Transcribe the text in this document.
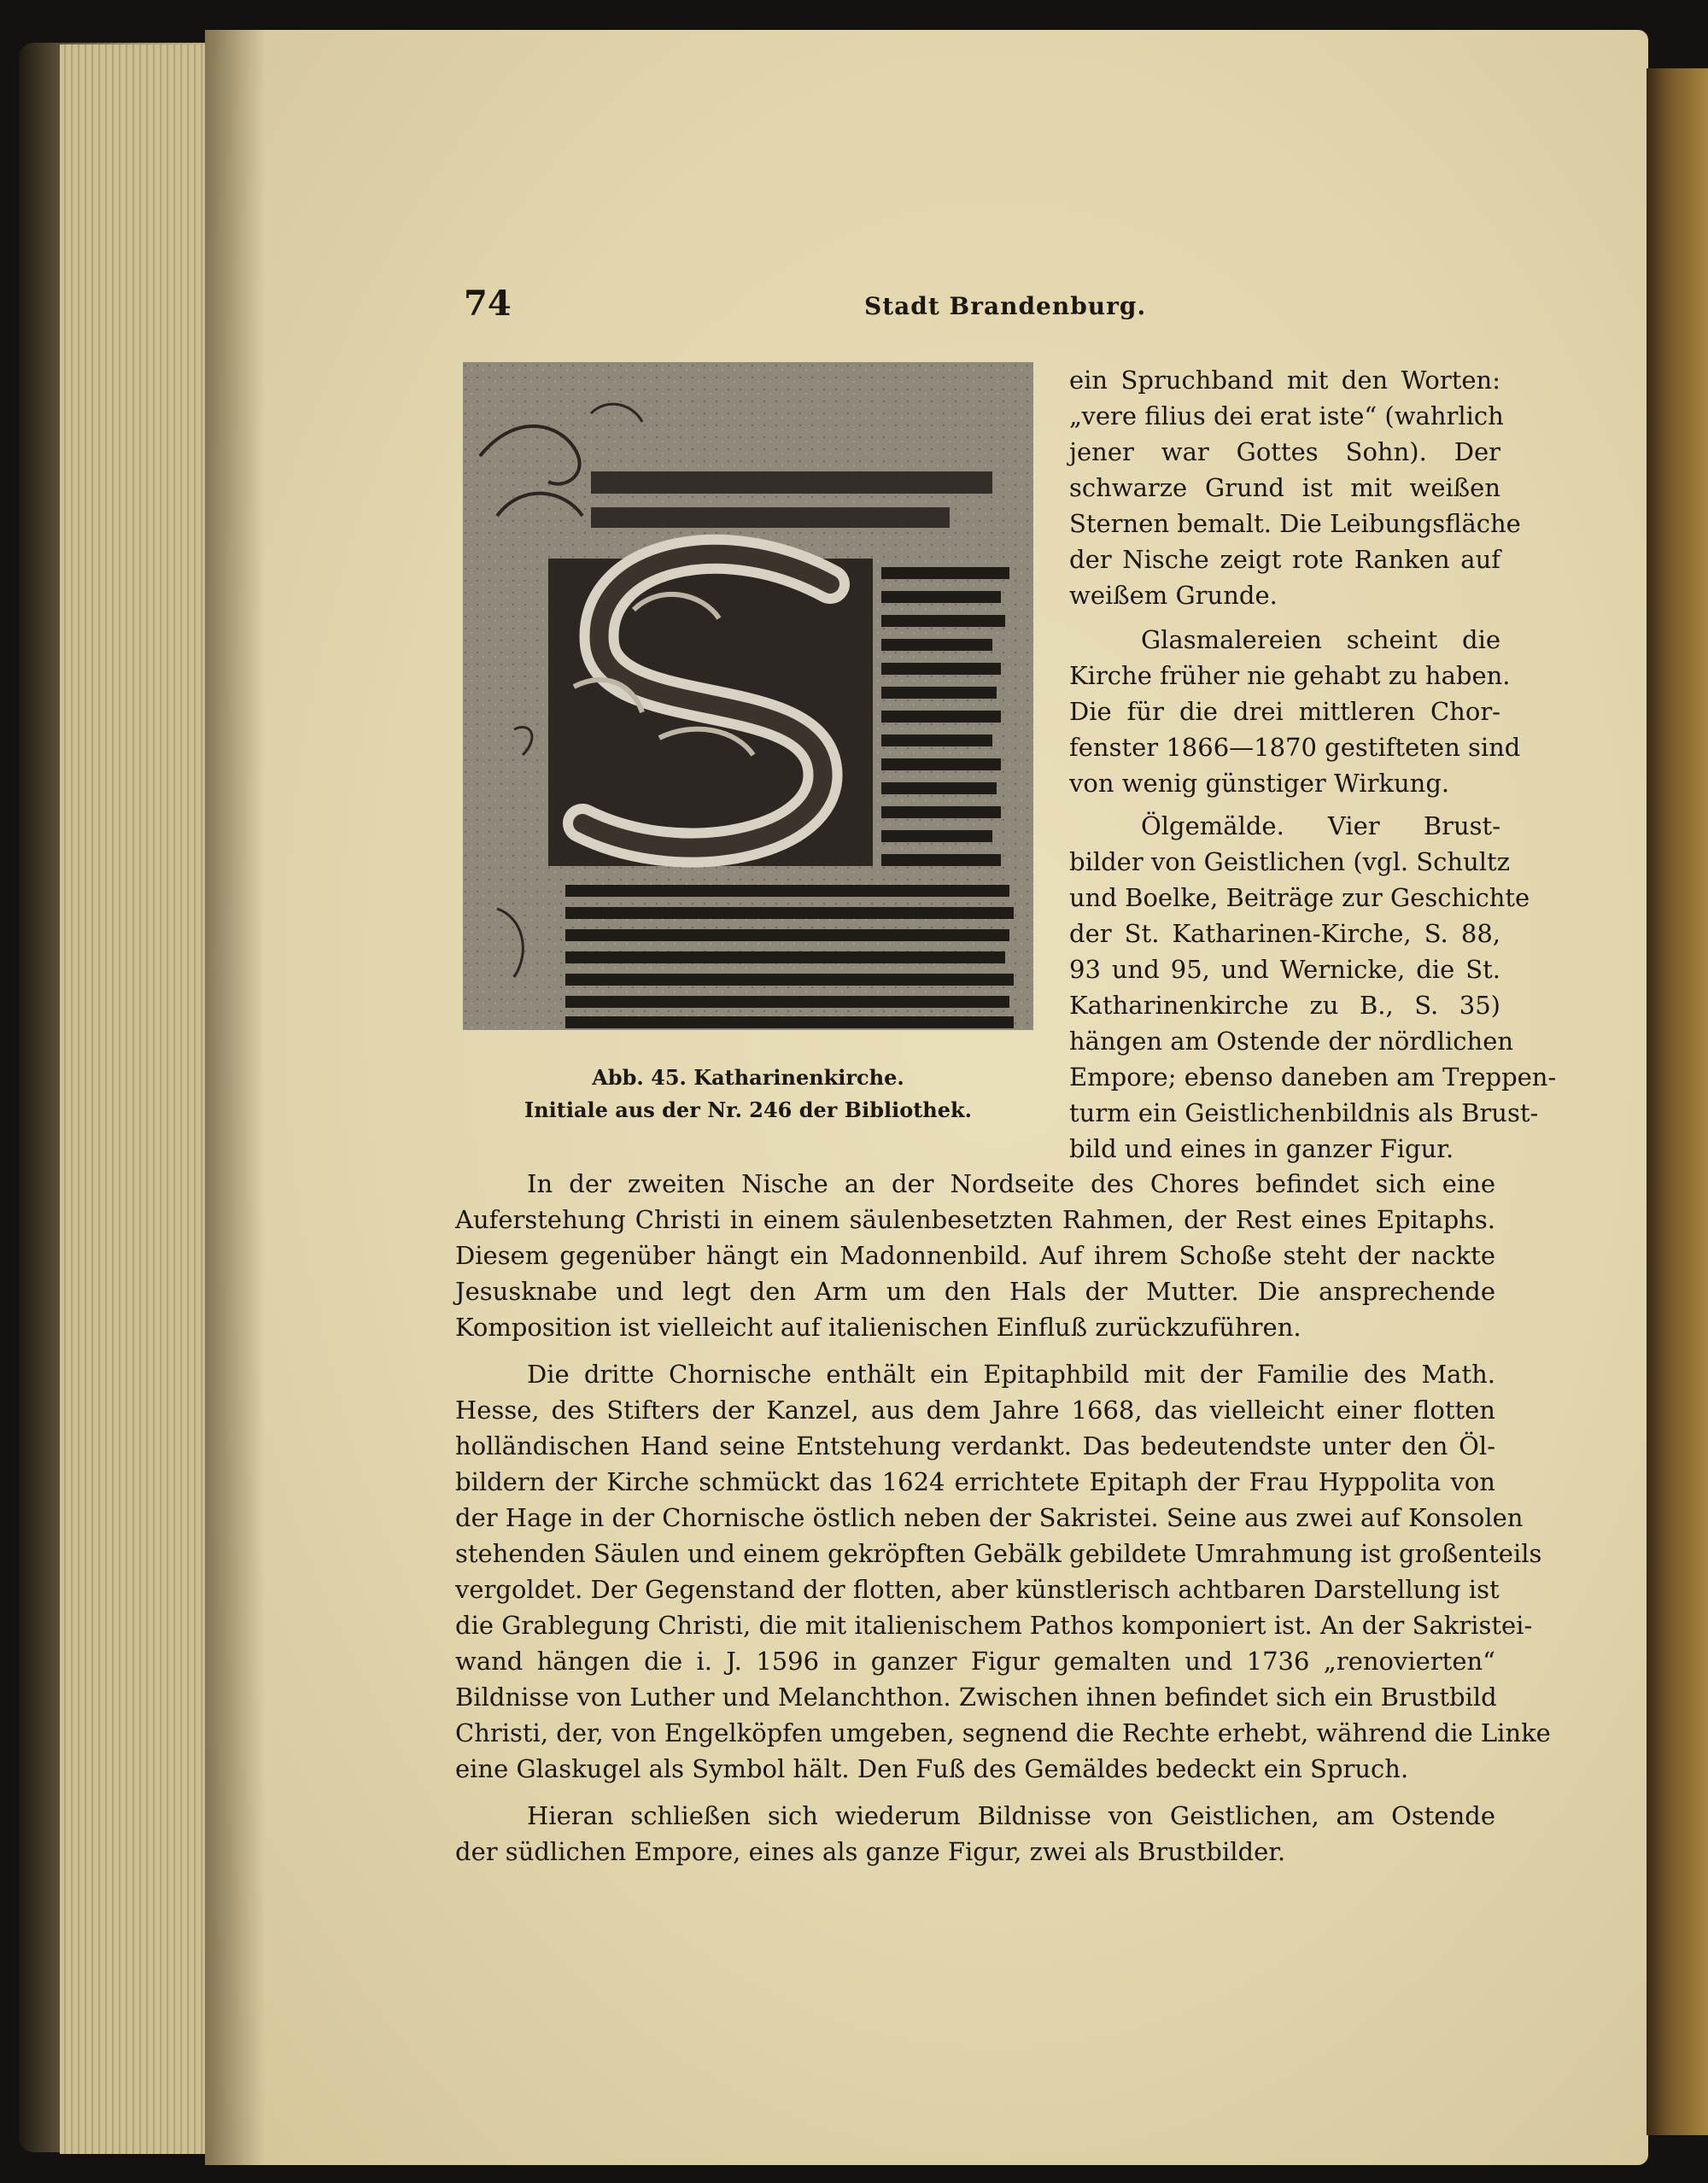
74	Stadt Brandenburg.
Abb. 45. Katharinenkirche.
Initiale aus der Nr. 246 der Bibliothek.
ein Spruchband mit den Worten:
„vere filius dei erat iste“ (wahrlich
jener war Gottes Sohn). Der
schwarze Grund ist mit weißen
Sternen bemalt. Die Leibungsfläche
der Nische zeigt rote Ranken auf
weißem Grunde.
Glasmalereien scheint die
Kirche früher nie gehabt zu haben.
Die für die drei mittleren Chor-
fenster 1866—1870 gestifteten sind
von wenig günstiger Wirkung.
Ölgemälde. Vier Brust-
bilder von Geistlichen (vgl. Schultz
und Boelke, Beiträge zur Geschichte
der St. Katharinen-Kirche, S. 88,
93 und 95, und Wernicke, die St.
Katharinenkirche zu B., S. 35)
hängen am Ostende der nördlichen
Empore; ebenso daneben am Treppen-
turm ein Geistlichenbildnis als Brust-
bild und eines in ganzer Figur.
In der zweiten Nische an der Nordseite des Chores befindet sich eine
Auferstehung Christi in einem säulenbesetzten Rahmen, der Rest eines Epitaphs.
Diesem gegenüber hängt ein Madonnenbild. Auf ihrem Schoße steht der nackte
Jesusknabe und legt den Arm um den Hals der Mutter. Die ansprechende
Komposition ist vielleicht auf italienischen Einfluß zurückzuführen.
Die dritte Chornische enthält ein Epitaphbild mit der Familie des Math.
Hesse, des Stifters der Kanzel, aus dem Jahre 1668, das vielleicht einer flotten
holländischen Hand seine Entstehung verdankt. Das bedeutendste unter den Öl-
bildern der Kirche schmückt das 1624 errichtete Epitaph der Frau Hyppolita von
der Hage in der Chornische östlich neben der Sakristei. Seine aus zwei auf Konsolen
stehenden Säulen und einem gekröpften Gebälk gebildete Umrahmung ist großenteils
vergoldet. Der Gegenstand der flotten, aber künstlerisch achtbaren Darstellung ist
die Grablegung Christi, die mit italienischem Pathos komponiert ist. An der Sakristei-
wand hängen die i. J. 1596 in ganzer Figur gemalten und 1736 „renovierten“
Bildnisse von Luther und Melanchthon. Zwischen ihnen befindet sich ein Brustbild
Christi, der, von Engelköpfen umgeben, segnend die Rechte erhebt, während die Linke
eine Glaskugel als Symbol hält. Den Fuß des Gemäldes bedeckt ein Spruch.
Hieran schließen sich wiederum Bildnisse von Geistlichen, am Ostende
der südlichen Empore, eines als ganze Figur, zwei als Brustbilder.
